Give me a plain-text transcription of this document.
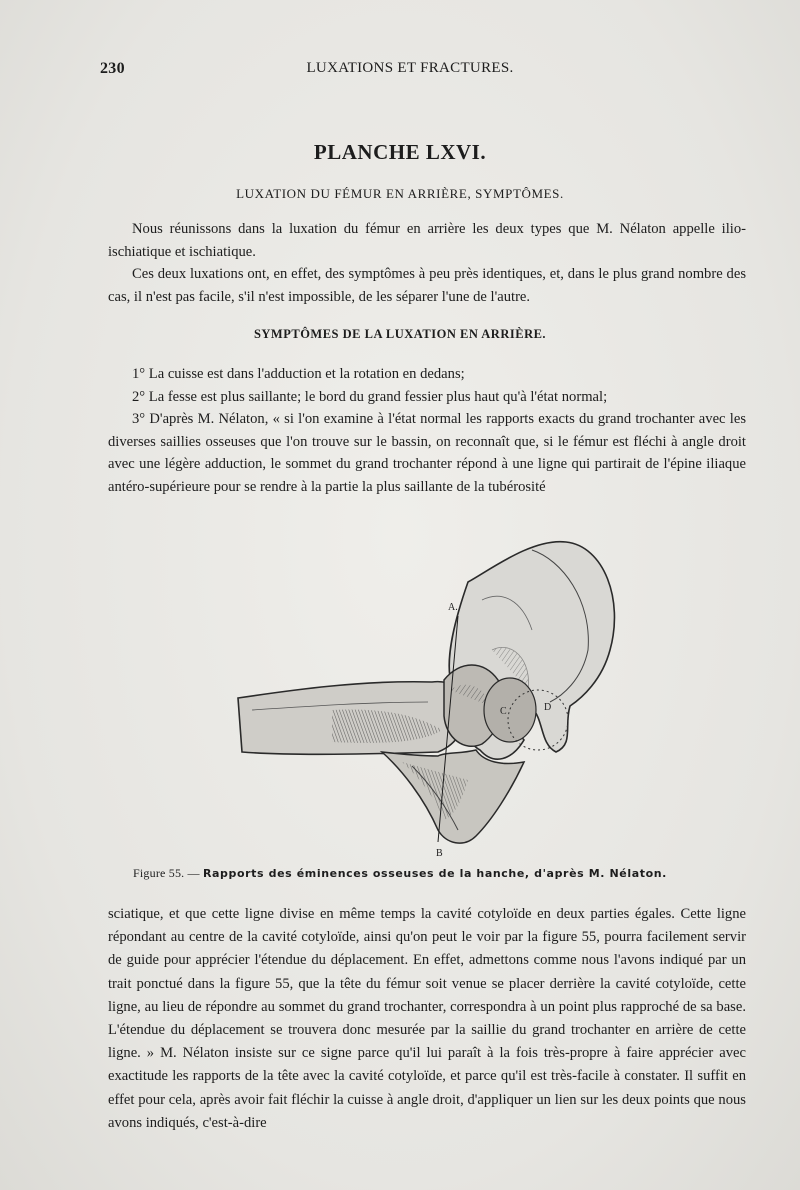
230	LUXATIONS ET FRACTURES.
PLANCHE LXVI.
LUXATION DU FÉMUR EN ARRIÈRE, SYMPTÔMES.

Nous réunissons dans la luxation du fémur en arrière les deux types que M. Nélaton appelle ilio-ischiatique et ischiatique.

Ces deux luxations ont, en effet, des symptômes à peu près identiques, et, dans le plus grand nombre des cas, il n'est pas facile, s'il n'est impossible, de les séparer l'une de l'autre.

SYMPTÔMES DE LA LUXATION EN ARRIÈRE.

1° La cuisse est dans l'adduction et la rotation en dedans;

2° La fesse est plus saillante; le bord du grand fessier plus haut qu'à l'état normal;

3° D'après M. Nélaton, « si l'on examine à l'état normal les rapports exacts du grand trochanter avec les diverses saillies osseuses que l'on trouve sur le bassin, on reconnaît que, si le fémur est fléchi à angle droit avec une légère adduction, le sommet du grand trochanter répond à une ligne qui partirait de l'épine iliaque antéro-supérieure pour se rendre à la partie la plus saillante de la tubérosité

A.
B
C	D
Figure 55. — Rapports des éminences osseuses de la hanche, d'après M. Nélaton.

sciatique, et que cette ligne divise en même temps la cavité cotyloïde en deux parties égales. Cette ligne répondant au centre de la cavité cotyloïde, ainsi qu'on peut le voir par la figure 55, pourra facilement servir de guide pour apprécier l'étendue du déplacement. En effet, admettons comme nous l'avons indiqué par un trait ponctué dans la figure 55, que la tête du fémur soit venue se placer derrière la cavité cotyloïde, cette ligne, au lieu de répondre au sommet du grand trochanter, correspondra à un point plus rapproché de sa base. L'étendue du déplacement se trouvera donc mesurée par la saillie du grand trochanter en arrière de cette ligne. » M. Nélaton insiste sur ce signe parce qu'il lui paraît à la fois très-propre à faire apprécier avec exactitude les rapports de la tête avec la cavité cotyloïde, et parce qu'il est très-facile à constater. Il suffit en effet pour cela, après avoir fait fléchir la cuisse à angle droit, d'appliquer un lien sur les deux points que nous avons indiqués, c'est-à-dire
